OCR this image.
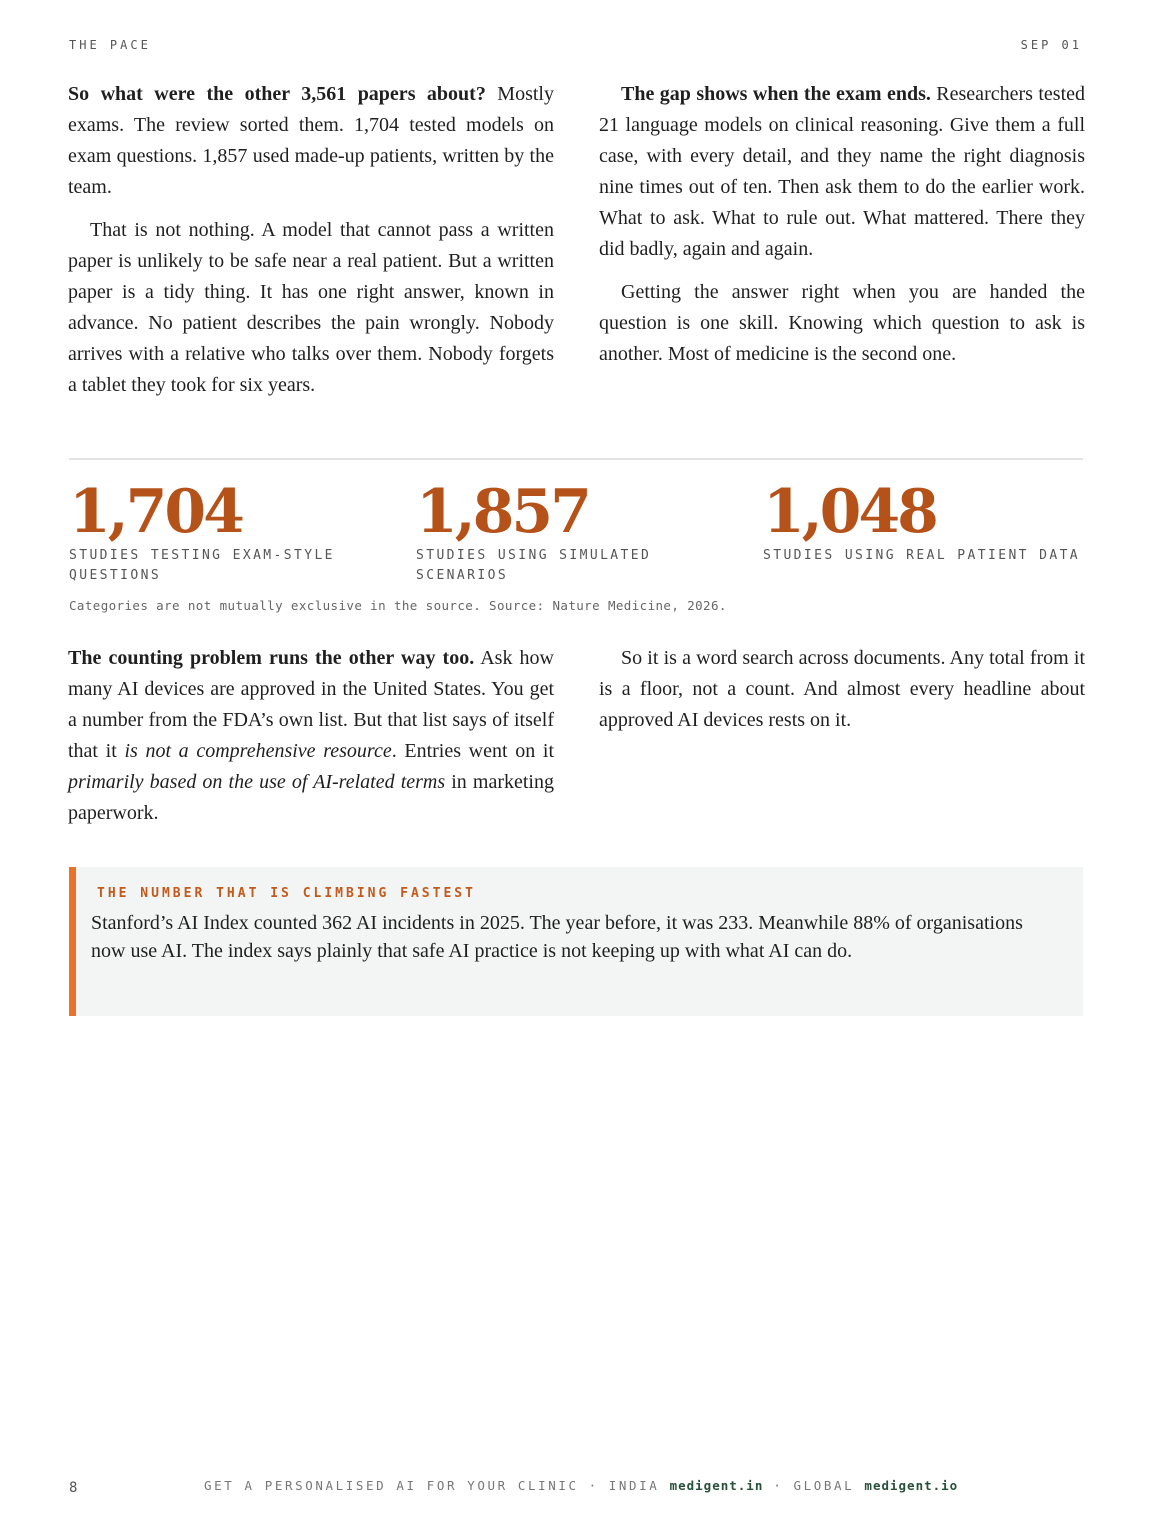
THE PACE	SEP 01

So what were the other 3,561 papers about? Mostly exams. The review sorted them. 1,704 tested models on exam questions. 1,857 used made-up patients, written by the team.

That is not nothing. A model that cannot pass a written paper is unlikely to be safe near a real patient. But a written paper is a tidy thing. It has one right answer, known in advance. No patient describes the pain wrongly. Nobody arrives with a relative who talks over them. Nobody forgets a tablet they took for six years.

The gap shows when the exam ends. Researchers tested 21 language models on clinical reasoning. Give them a full case, with every detail, and they name the right diagnosis nine times out of ten. Then ask them to do the earlier work. What to ask. What to rule out. What mattered. There they did badly, again and again.

Getting the answer right when you are handed the question is one skill. Knowing which question to ask is another. Most of medicine is the second one.

1,704
STUDIES TESTING EXAM-STYLE QUESTIONS
1,857
STUDIES USING SIMULATED SCENARIOS
1,048
STUDIES USING REAL PATIENT DATA
Categories are not mutually exclusive in the source. Source: Nature Medicine, 2026.

The counting problem runs the other way too. Ask how many AI devices are approved in the United States. You get a number from the FDA’s own list. But that list says of itself that it is not a comprehensive resource. Entries went on it primarily based on the use of AI-related terms in marketing paperwork.

So it is a word search across documents. Any total from it is a floor, not a count. And almost every headline about approved AI devices rests on it.

THE NUMBER THAT IS CLIMBING FASTEST
Stanford’s AI Index counted 362 AI incidents in 2025. The year before, it was 233. Meanwhile 88% of organisations now use AI. The index says plainly that safe AI practice is not keeping up with what AI can do.
8	GET A PERSONALISED AI FOR YOUR CLINIC · INDIA medigent.in · GLOBAL medigent.io
